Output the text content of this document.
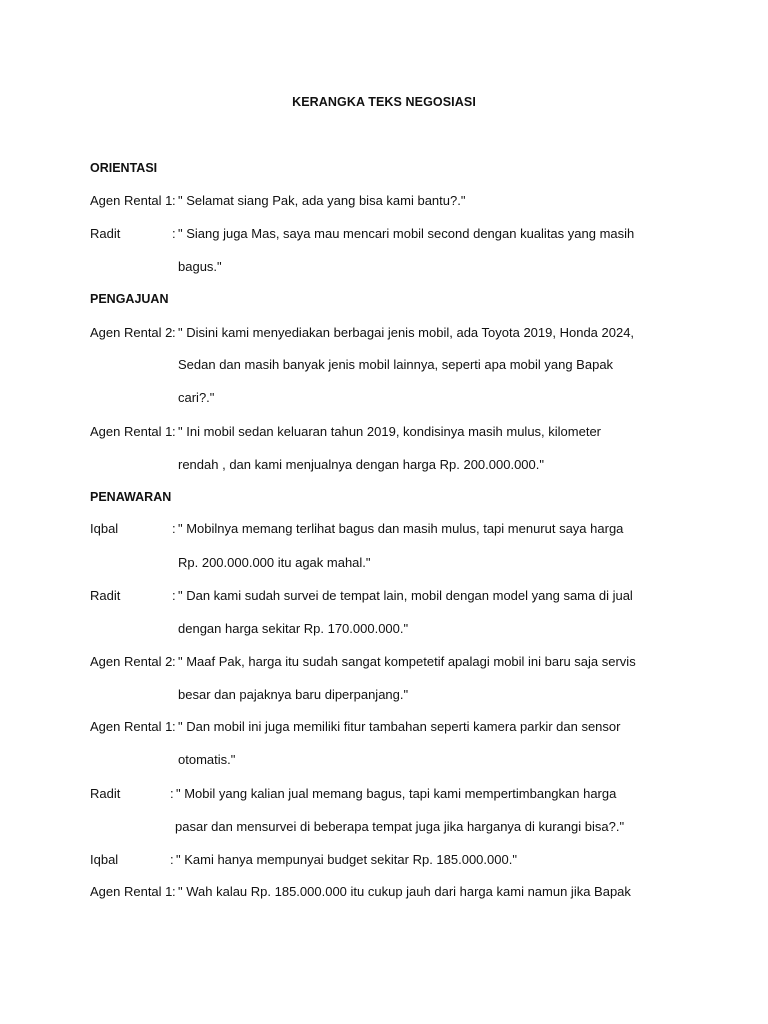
KERANGKA TEKS NEGOSIASI
ORIENTASI
Agen Rental 1 : " Selamat siang Pak, ada yang bisa kami bantu?."
Radit	: " Siang juga Mas, saya mau mencari mobil second dengan kualitas yang masih
bagus."
PENGAJUAN
Agen Rental 2 : " Disini kami menyediakan berbagai jenis mobil, ada Toyota 2019, Honda 2024,
Sedan dan masih banyak jenis mobil lainnya, seperti apa mobil yang Bapak
cari?."
Agen Rental 1 : " Ini mobil sedan keluaran tahun 2019, kondisinya masih mulus, kilometer
rendah , dan kami menjualnya dengan harga Rp. 200.000.000."
PENAWARAN
Iqbal	: " Mobilnya memang terlihat bagus dan masih mulus, tapi menurut saya harga
Rp. 200.000.000 itu agak mahal."
Radit	: " Dan kami sudah survei de tempat lain, mobil dengan model yang sama di jual
dengan harga sekitar Rp. 170.000.000."
Agen Rental 2 : " Maaf Pak, harga itu sudah sangat kompetetif apalagi mobil ini baru saja servis
besar dan pajaknya baru diperpanjang."
Agen Rental 1 : " Dan mobil ini juga memiliki fitur tambahan seperti kamera parkir dan sensor
otomatis."
Radit	: " Mobil yang kalian jual memang bagus, tapi kami mempertimbangkan harga
pasar dan mensurvei di beberapa tempat juga jika harganya di kurangi bisa?."
Iqbal	: " Kami hanya mempunyai budget sekitar Rp. 185.000.000."
Agen Rental 1 : " Wah kalau Rp. 185.000.000 itu cukup jauh dari harga kami namun jika Bapak
